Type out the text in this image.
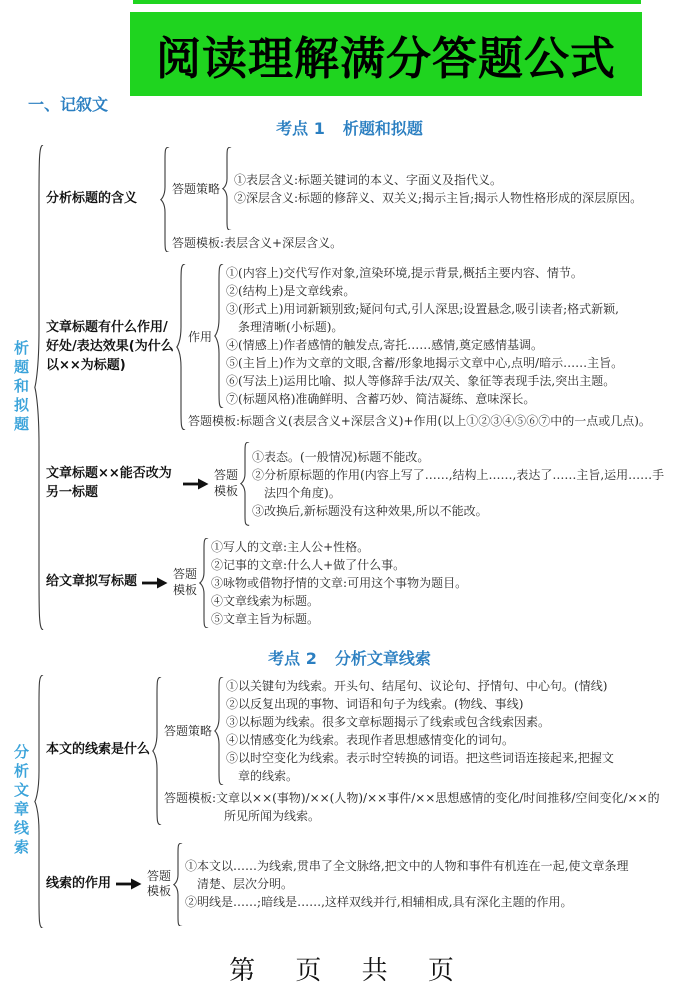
阅读理解满分答题公式
一、记叙文
考点 1 析题和拟题
析题和拟题
分析标题的含义
答题策略
①表层含义:标题关键词的本义、字面义及指代义。
②深层含义:标题的修辞义、双关义;揭示主旨;揭示人物性格形成的深层原因。
答题模板:表层含义+深层含义。
文章标题有什么作用/好处/表达效果(为什么以××为标题)
作用
①(内容上)交代写作对象,渲染环境,提示背景,概括主要内容、情节。
②(结构上)是文章线索。
③(形式上)用词新颖别致;疑问句式,引人深思;设置悬念,吸引读者;格式新颖,条理清晰(小标题)。
④(情感上)作者感情的触发点,寄托……感情,奠定感情基调。
⑤(主旨上)作为文章的文眼,含蓄/形象地揭示文章中心,点明/暗示……主旨。
⑥(写法上)运用比喻、拟人等修辞手法/双关、象征等表现手法,突出主题。
⑦(标题风格)准确鲜明、含蓄巧妙、简洁凝练、意味深长。
答题模板:标题含义(表层含义+深层含义)+作用(以上①②③④⑤⑥⑦中的一点或几点)。
文章标题××能否改为另一标题
答题
模板
①表态。(一般情况)标题不能改。
②分析原标题的作用(内容上写了……,结构上……,表达了……主旨,运用……手法四个角度)。
③改换后,新标题没有这种效果,所以不能改。
给文章拟写标题
答题
模板
①写人的文章:主人公+性格。
②记事的文章:什么人+做了什么事。
③咏物或借物抒情的文章:可用这个事物为题目。
④文章线索为标题。
⑤文章主旨为标题。
考点 2 分析文章线索
分析文章线索 本文的线索是什么
答题策略
①以关键句为线索。开头句、结尾句、议论句、抒情句、中心句。(情线)
②以反复出现的事物、词语和句子为线索。(物线、事线)
③以标题为线索。很多文章标题揭示了线索或包含线索因素。
④以情感变化为线索。表现作者思想感情变化的词句。
⑤以时空变化为线索。表示时空转换的词语。把这些词语连接起来,把握文章的线索。
答题模板:文章以××(事物)/××(人物)/××事件/××思想感情的变化/时间推移/空间变化/××的所见所闻为线索。
线索的作用
答题
模板
①本文以……为线索,贯串了全文脉络,把文中的人物和事件有机连在一起,使文章条理清楚、层次分明。
②明线是……;暗线是……,这样双线并行,相辅相成,具有深化主题的作用。
第 页 共 页
